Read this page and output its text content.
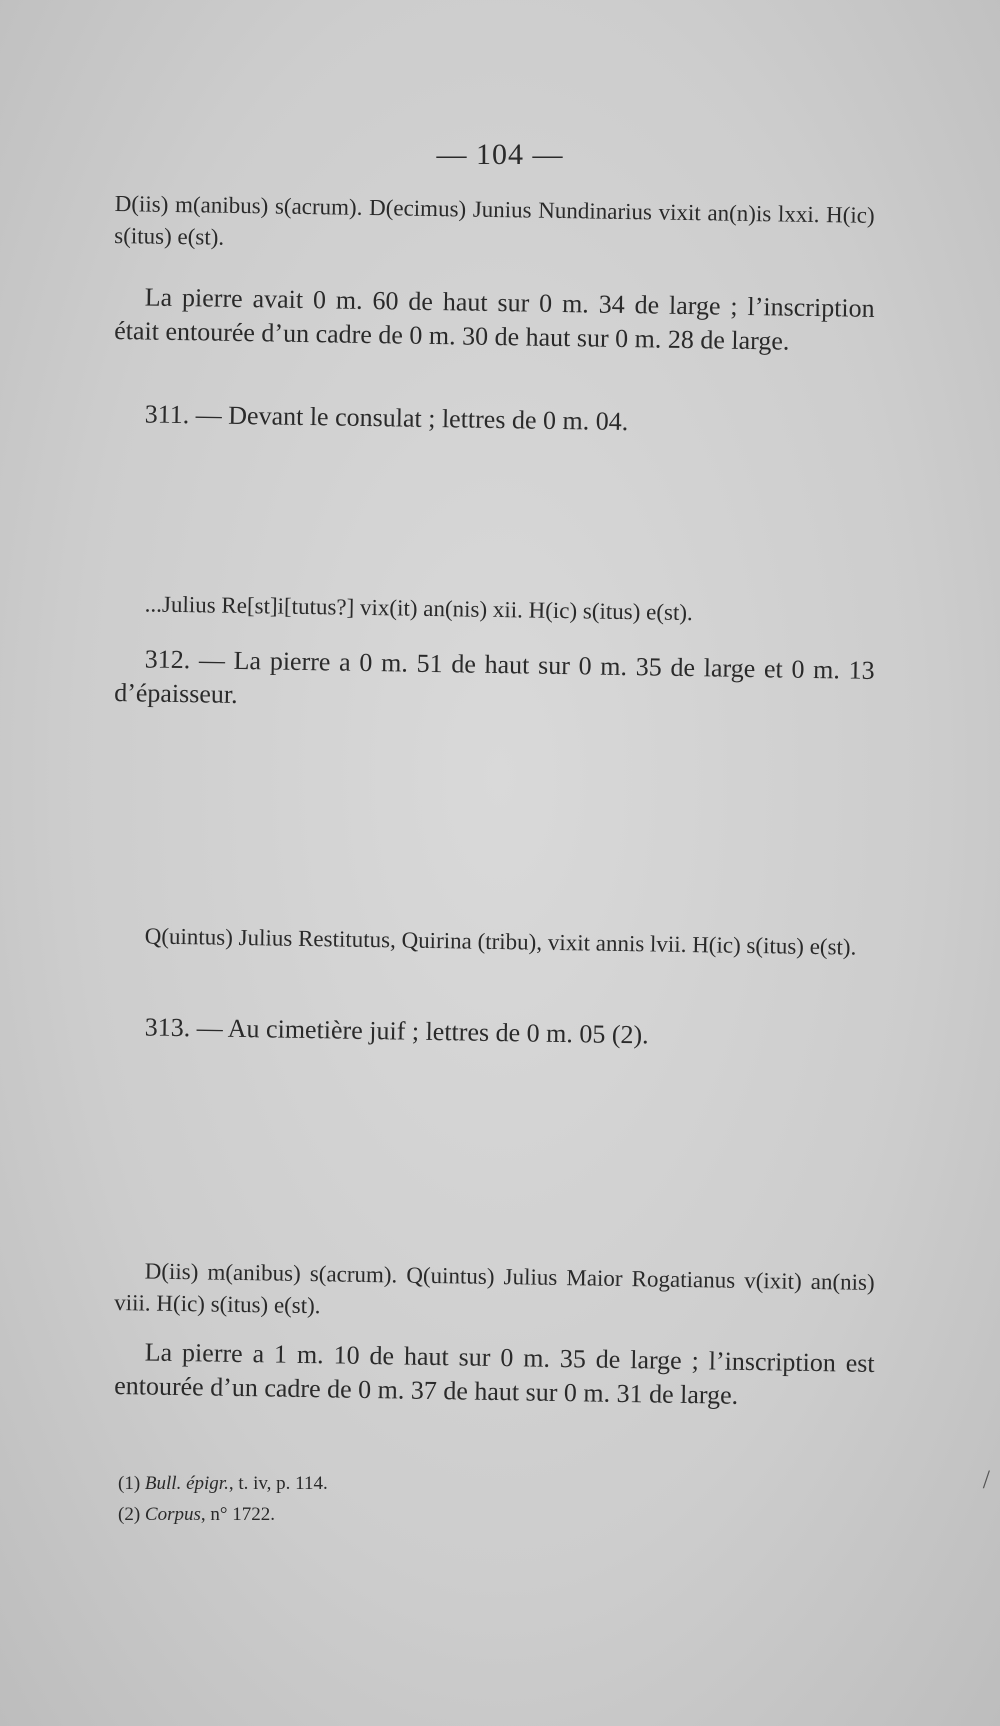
— 104 —
D(iis) m(anibus) s(acrum). D(ecimus) Junius Nundinarius vixit an(n)is lxxi. H(ic) s(itus) e(st).
La pierre avait 0 m. 60 de haut sur 0 m. 34 de large ; l’inscription était entourée d’un cadre de 0 m. 30 de haut sur 0 m. 28 de large.
311. — Devant le consulat ; lettres de 0 m. 04.
...Julius Re[st]i[tutus?] vix(it) an(nis) xii. H(ic) s(itus) e(st).
312. — La pierre a 0 m. 51 de haut sur 0 m. 35 de large et 0 m. 13 d’épaisseur.
Q(uintus) Julius Restitutus, Quirina (tribu), vixit annis lvii. H(ic) s(itus) e(st).
313. — Au cimetière juif ; lettres de 0 m. 05 (2).
D(iis) m(anibus) s(acrum). Q(uintus) Julius Maior Rogatianus v(ixit) an(nis) viii. H(ic) s(itus) e(st).
La pierre a 1 m. 10 de haut sur 0 m. 35 de large ; l’inscription est entourée d’un cadre de 0 m. 37 de haut sur 0 m. 31 de large.
(1) Bull. épigr., t. iv, p. 114.
(2) Corpus, n° 1722.
/
